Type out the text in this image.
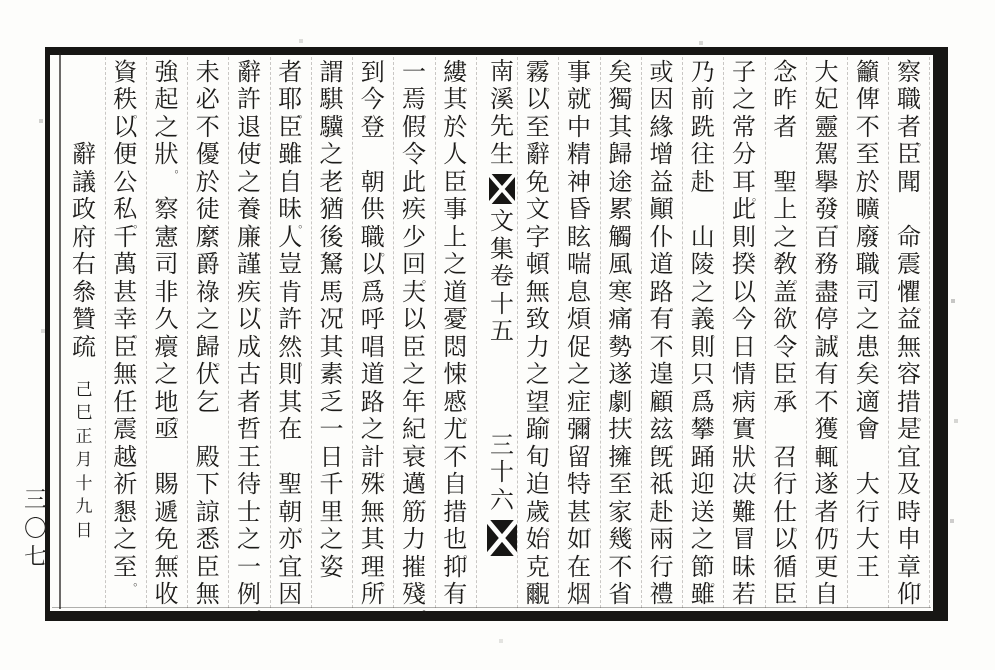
南溪先生
文集卷十五
三十六
三〇七
察
職
者
。
臣
聞
命
震
懼
。
益
無
容
措
。
是
宜
及
時
申
章
。
仰
籲
。
俾
不
至
於
曠
廢
職
司
之
患
矣
。
適
會
大
行
大
王
大
妃
靈
駕
擧
發
。
百
務
盡
停
。
誠
有
不
獲
輒
遂
者
。
仍
更
自
念
昨
者
聖
上
之
敎
。
盖
欲
令
臣
承
召
行
仕
。
以
循
臣
子
之
常
分
耳
。
此
則
揆
以
今
日
情
病
實
狀
。
决
難
冒
昧
若
乃
前
跣
往
赴
山
陵
之
義
。
則
只
爲
攀
踊
迎
送
之
節
。
雖
或
因
緣
增
益
。
顚
仆
道
路
。
有
不
遑
顧
玆
。
旣
祗
赴
兩
行
禮
矣
。
獨
其
歸
途
。
累
觸
風
寒
。
痛
勢
遂
劇
。
扶
擁
至
家
。
幾
不
省
事
。
就
中
精
神
昏
眩
。
喘
息
煩
促
之
症
。
彌
留
特
甚
。
如
在
烟
霧
。
以
至
辭
免
文
字
。
頓
無
致
力
之
望
。
踰
旬
迫
歲
。
始
克
覼
縷
。
其
於
人
臣
事
上
之
道
。
憂
悶
悚
慼
。
尤
不
自
措
也
。
抑
有
一
焉
。
假
令
此
疾
少
回
。
夫
以
臣
之
年
紀
衰
邁
。
筋
力
摧
殘
。
到
今
登
朝
供
職
。
以
爲
呼
唱
道
路
之
計
。
殊
無
其
理
。
所
謂
騏
驥
之
老
。
猶
後
駑
馬
。
况
其
素
乏
一
日
千
里
之
姿
者
耶
。
臣
雖
自
昧
。
人
豈
肯
許
然
。
則
其
在
聖
朝
。
亦
宜
因
辭
許
退
。
使
之
養
廉
謹
疾
。
以
成
古
者
哲
王
待
士
之
一
例
。
未
必
不
優
於
徒
縻
爵
祿
之
歸
。
伏
乞
殿
下
諒
悉
臣
無
強
起
之
狀
。
察
憲
司
非
久
癏
之
地
。
亟
賜
遞
免
。
無
收
資
秩
。
以
便
公
私
。
千
萬
甚
幸
。
臣
無
任
震
越
祈
懇
之
至
。
辭
議
政
府
右
叅
贊
疏
己
巳
正
月
十
九
日
